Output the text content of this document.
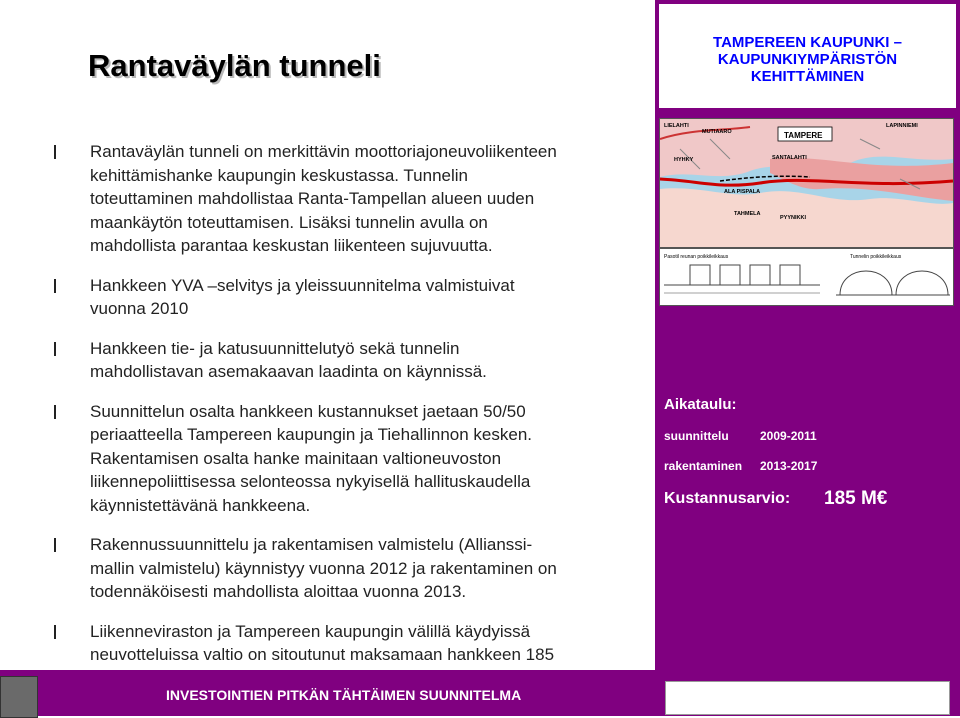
Rantaväylän tunneli
TAMPEREEN KAUPUNKI –
KAUPUNKIYMPÄRISTÖN
KEHITTÄMINEN
TAMPERE
MUTIAARO
LAPINNIEMI
SANTALAHTI
LIELAHTI
HYHKY
ALA PISPALA
TAHMELA
PYYNIKKI
Pasotil reunan poikkileikkaus	Tunnelin poikkileikkaus

Rantaväylän tunneli on merkittävin moottoriajoneuvoliikenteen
kehittämishanke kaupungin keskustassa. Tunnelin
toteuttaminen mahdollistaa Ranta-Tampellan alueen uuden
maankäytön toteuttamisen. Lisäksi tunnelin avulla on
mahdollista parantaa keskustan liikenteen sujuvuutta.

Hankkeen YVA –selvitys ja yleissuunnitelma valmistuivat
vuonna 2010

Hankkeen tie- ja katusuunnittelutyö sekä tunnelin
mahdollistavan asemakaavan laadinta on käynnissä.

Suunnittelun osalta hankkeen kustannukset jaetaan 50/50
periaatteella Tampereen kaupungin ja Tiehallinnon kesken.
Rakentamisen osalta hanke mainitaan valtioneuvoston
liikennepoliittisessa selonteossa nykyisellä hallituskaudella
käynnistettävänä hankkeena.

Rakennussuunnittelu ja rakentamisen valmistelu (Allianssi-
mallin valmistelu) käynnistyy vuonna 2012 ja rakentaminen on
todennäköisesti mahdollista aloittaa vuonna 2013.

Liikenneviraston ja Tampereen kaupungin välillä käydyissä
neuvotteluissa valtio on sitoutunut maksamaan hankkeen 185

Aikataulu:
suunnittelu	2009-2011
rakentaminen 2013-2017
Kustannusarvio: 185 M€
INVESTOINTIEN PITKÄN TÄHTÄIMEN SUUNNITELMA
